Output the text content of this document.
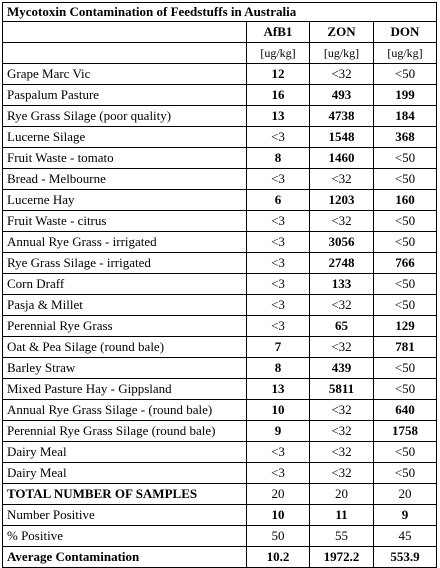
Mycotoxin Contamination of Feedstuffs in Australia			
	AfB1	ZON	DON
	[ug/kg]	[ug/kg]	[ug/kg]
Grape Marc Vic	12	<32	<50
Paspalum Pasture	16	493	199
Rye Grass Silage (poor quality)	13	4738	184
Lucerne Silage	<3	1548	368
Fruit Waste - tomato	8	1460	<50
Bread - Melbourne	<3	<32	<50
Lucerne Hay	6	1203	160
Fruit Waste - citrus	<3	<32	<50
Annual Rye Grass - irrigated	<3	3056	<50
Rye Grass Silage - irrigated	<3	2748	766
Corn Draff	<3	133	<50
Pasja & Millet	<3	<32	<50
Perennial Rye Grass	<3	65	129
Oat & Pea Silage (round bale)	7	<32	781
Barley Straw	8	439	<50
Mixed Pasture Hay - Gippsland	13	5811	<50
Annual Rye Grass Silage - (round bale)	10	<32	640
Perennial Rye Grass Silage (round bale)	9	<32	1758
Dairy Meal	<3	<32	<50
Dairy Meal	<3	<32	<50
TOTAL NUMBER OF SAMPLES	20	20	20
Number Positive	10	11	9
% Positive	50	55	45
Average Contamination	10.2	1972.2	553.9
